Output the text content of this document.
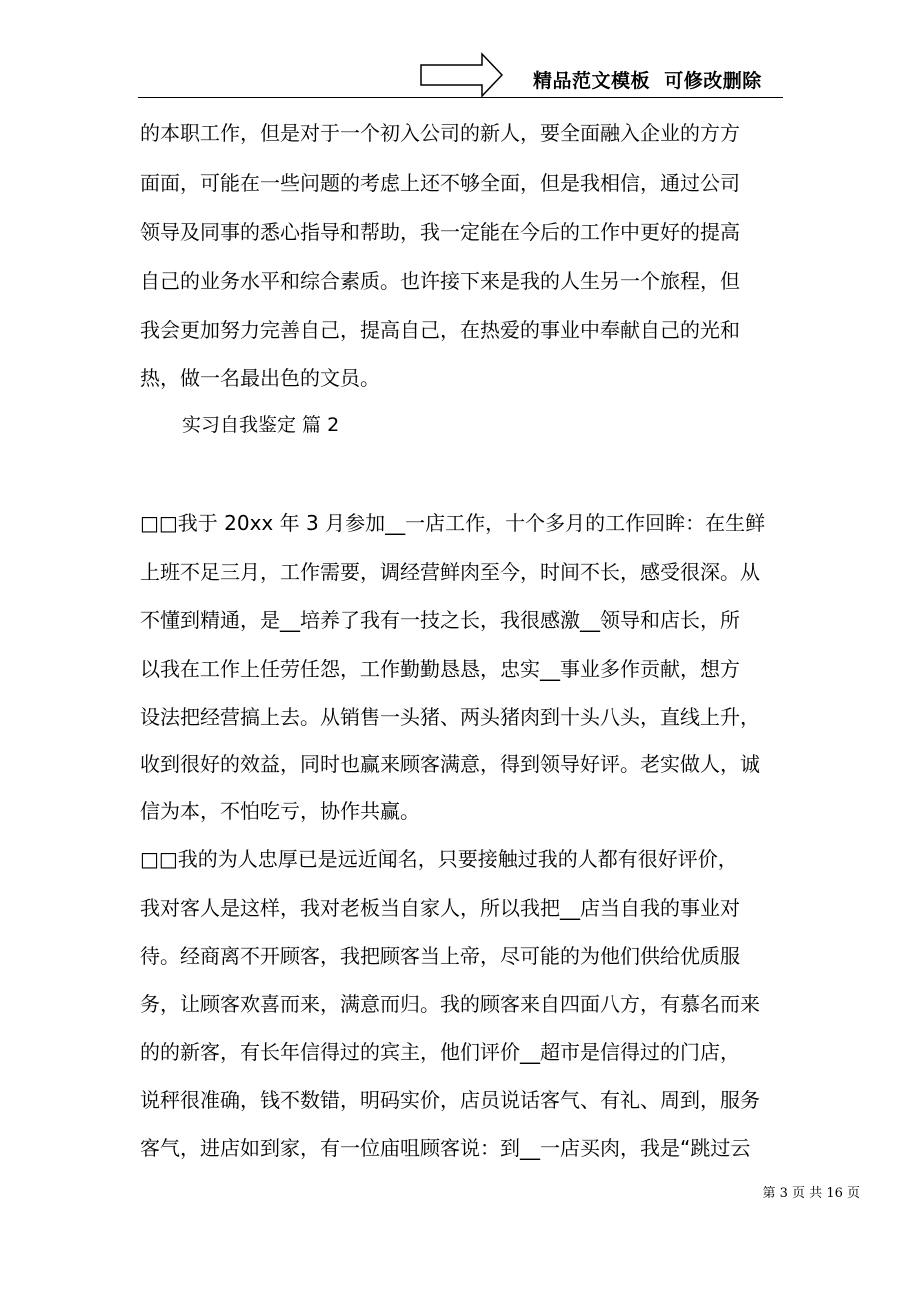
精品范文模板  可修改删除
的本职工作，但是对于一个初入公司的新人，要全面融入企业的方方
面面，可能在一些问题的考虑上还不够全面，但是我相信，通过公司
领导及同事的悉心指导和帮助，我一定能在今后的工作中更好的提高
自己的业务水平和综合素质。也许接下来是我的人生另一个旅程，但
我会更加努力完善自己，提高自己，在热爱的事业中奉献自己的光和
热，做一名最出色的文员。
实习自我鉴定 篇 2
□□我于 20xx 年 3 月参加__一店工作，十个多月的工作回眸：在生鲜
上班不足三月，工作需要，调经营鲜肉至今，时间不长，感受很深。从
不懂到精通，是__培养了我有一技之长，我很感激__领导和店长，所
以我在工作上任劳任怨，工作勤勤恳恳，忠实__事业多作贡献，想方
设法把经营搞上去。从销售一头猪、两头猪肉到十头八头，直线上升，
收到很好的效益，同时也赢来顾客满意，得到领导好评。老实做人，诚
信为本，不怕吃亏，协作共赢。
□□我的为人忠厚已是远近闻名，只要接触过我的人都有很好评价，
我对客人是这样，我对老板当自家人，所以我把__店当自我的事业对
待。经商离不开顾客，我把顾客当上帝，尽可能的为他们供给优质服
务，让顾客欢喜而来，满意而归。我的顾客来自四面八方，有慕名而来
的的新客，有长年信得过的宾主，他们评价__超市是信得过的门店，
说秤很准确，钱不数错，明码实价，店员说话客气、有礼、周到，服务
客气，进店如到家，有一位庙咀顾客说：到__一店买肉，我是“跳过云
第 3 页 共 16 页
